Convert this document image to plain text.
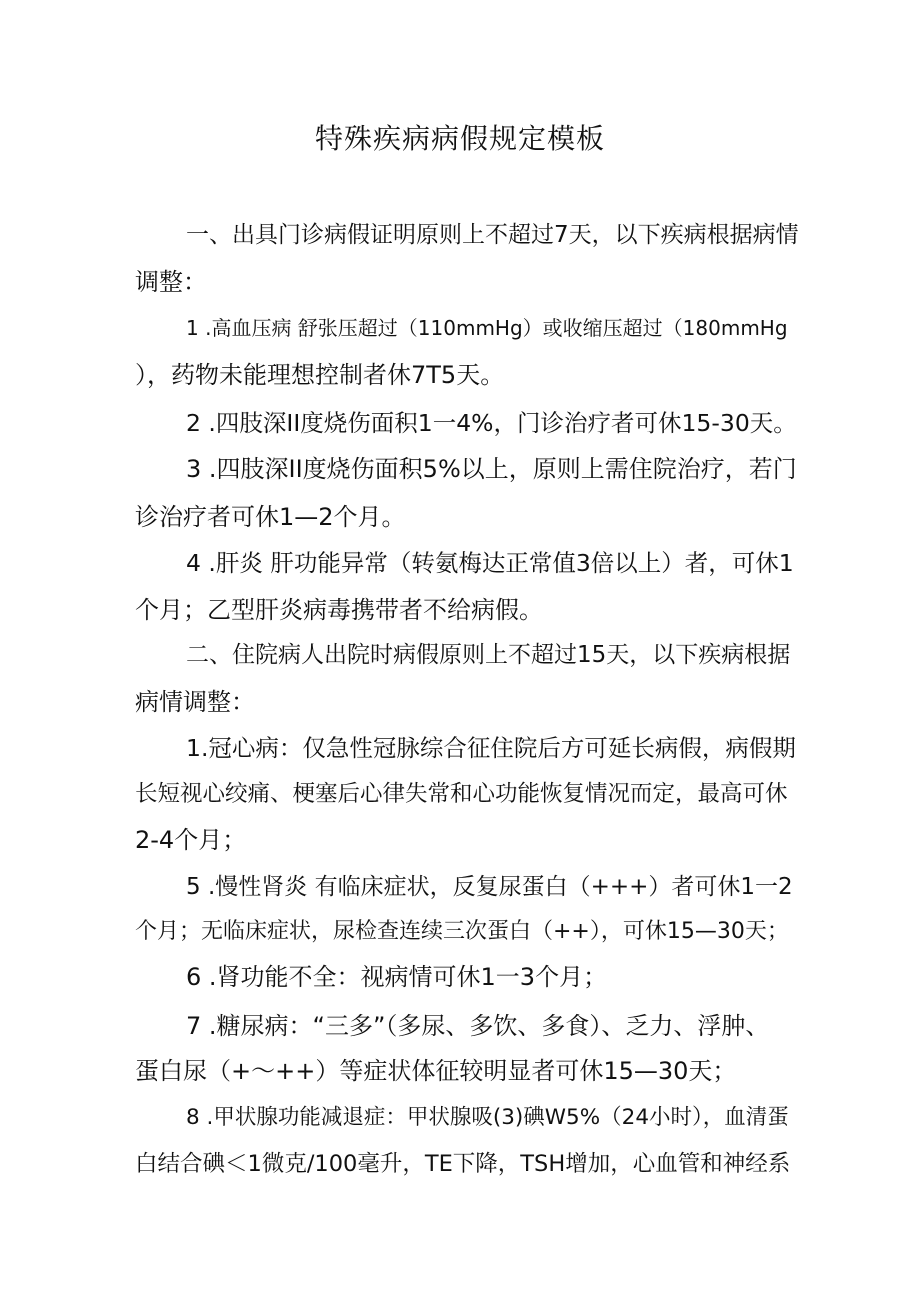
特殊疾病病假规定模板
一、出具门诊病假证明原则上不超过7天，以下疾病根据病情
调整：
1 .高血压病 舒张压超过（110mmHg）或收缩压超过（180mmHg
），药物未能理想控制者休7T5天。
2 .四肢深II度烧伤面积1一4%，门诊治疗者可休15-30天。
3 .四肢深II度烧伤面积5%以上，原则上需住院治疗，若门
诊治疗者可休1—2个月。
4 .肝炎 肝功能异常（转氨梅达正常值3倍以上）者，可休1
个月；乙型肝炎病毒携带者不给病假。
二、住院病人出院时病假原则上不超过15天，以下疾病根据
病情调整：
1.冠心病：仅急性冠脉综合征住院后方可延长病假，病假期
长短视心绞痛、梗塞后心律失常和心功能恢复情况而定，最高可休
2-4个月；
5 .慢性肾炎 有临床症状，反复尿蛋白（+++）者可休1一2
个月；无临床症状，尿检查连续三次蛋白（++），可休15—30天；
6 .肾功能不全：视病情可休1一3个月；
7 .糖尿病：“三多”（多尿、多饮、多食）、乏力、浮肿、
蛋白尿（+〜++）等症状体征较明显者可休15—30天；
8 .甲状腺功能减退症：甲状腺吸(3)碘W5%（24小时），血清蛋
白结合碘＜1微克/100毫升，TE下降，TSH增加，心血管和神经系
